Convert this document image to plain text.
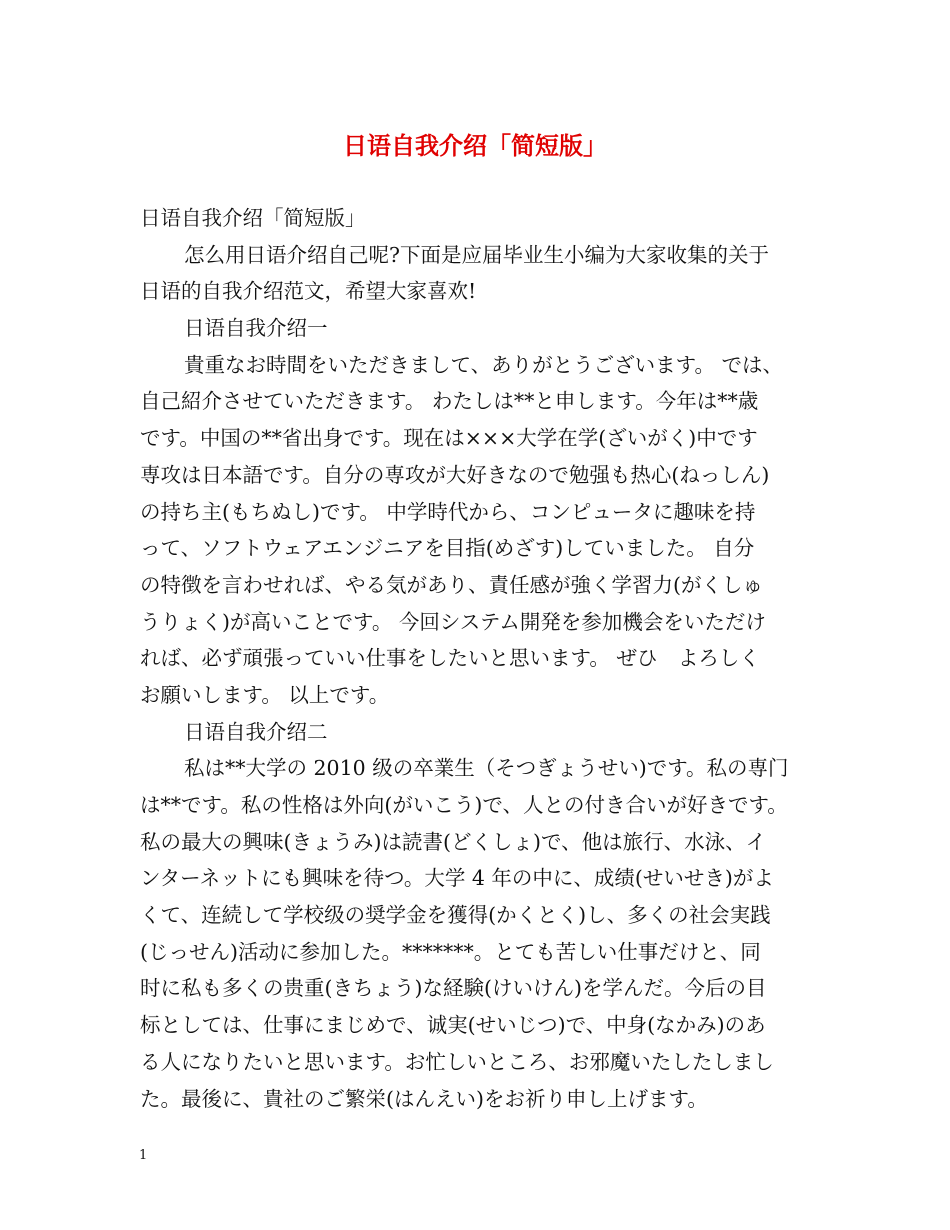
日语自我介绍「简短版」
日语自我介绍「简短版」
怎么用日语介绍自己呢?下面是应届毕业生小编为大家收集的关于
日语的自我介绍范文，希望大家喜欢!
日语自我介绍一
貴重なお時間をいただきまして、ありがとうございます。 では、
自己紹介させていただきます。 わたしは**と申します。今年は**歳
です。中国の**省出身です。现在は×××大学在学(ざいがく)中です
専攻は日本語です。自分の専攻が大好きなので勉强も热心(ねっしん)
の持ち主(もちぬし)です。 中学時代から、コンピュータに趣味を持
って、ソフトウェアエンジニアを目指(めざす)していました。 自分
の特徴を言わせれば、やる気があり、責任感が強く学習力(がくしゅ
うりょく)が高いことです。 今回システム開発を参加機会をいただけ
れば、必ず頑張っていい仕事をしたいと思います。 ぜひ　よろしく
お願いします。 以上です。
日语自我介绍二
私は**大学の 2010 级の卒業生（そつぎょうせい)です。私の専门
は**です。私の性格は外向(がいこう)で、人との付き合いが好きです。
私の最大の興味(きょうみ)は読書(どくしょ)で、他は旅行、水泳、イ
ンターネットにも興味を待つ。大学 4 年の中に、成绩(せいせき)がよ
くて、连続して学校级の奨学金を獲得(かくとく)し、多くの社会実践
(じっせん)活动に参加した。*******。とても苦しい仕事だけと、同
时に私も多くの贵重(きちょう)な経験(けいけん)を学んだ。今后の目
标としては、仕事にまじめで、诚実(せいじつ)で、中身(なかみ)のあ
る人になりたいと思います。お忙しいところ、お邪魔いたしたしまし
た。最後に、貴社のご繁栄(はんえい)をお祈り申し上げます。
1
